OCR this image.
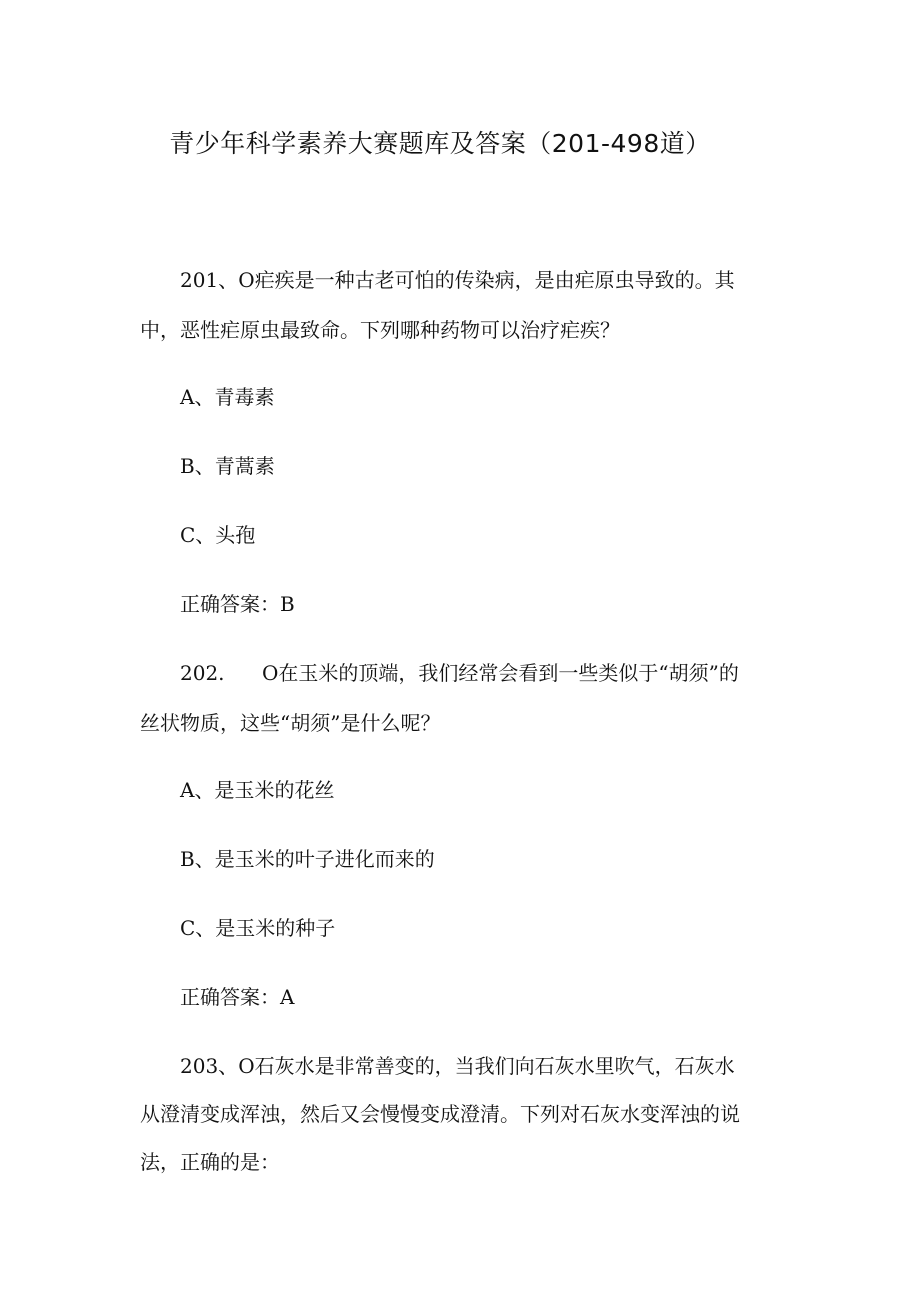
青少年科学素养大赛题库及答案（201-498道）
201、O疟疾是一种古老可怕的传染病，是由疟原虫导致的。其
中，恶性疟原虫最致命。下列哪种药物可以治疗疟疾？
A、青毒素
B、青蒿素
C、头孢
正确答案：B
202. O在玉米的顶端，我们经常会看到一些类似于“胡须”的
丝状物质，这些“胡须”是什么呢？
A、是玉米的花丝
B、是玉米的叶子进化而来的
C、是玉米的种子
正确答案：A
203、O石灰水是非常善变的，当我们向石灰水里吹气，石灰水
从澄清变成浑浊，然后又会慢慢变成澄清。下列对石灰水变浑浊的说
法，正确的是：
